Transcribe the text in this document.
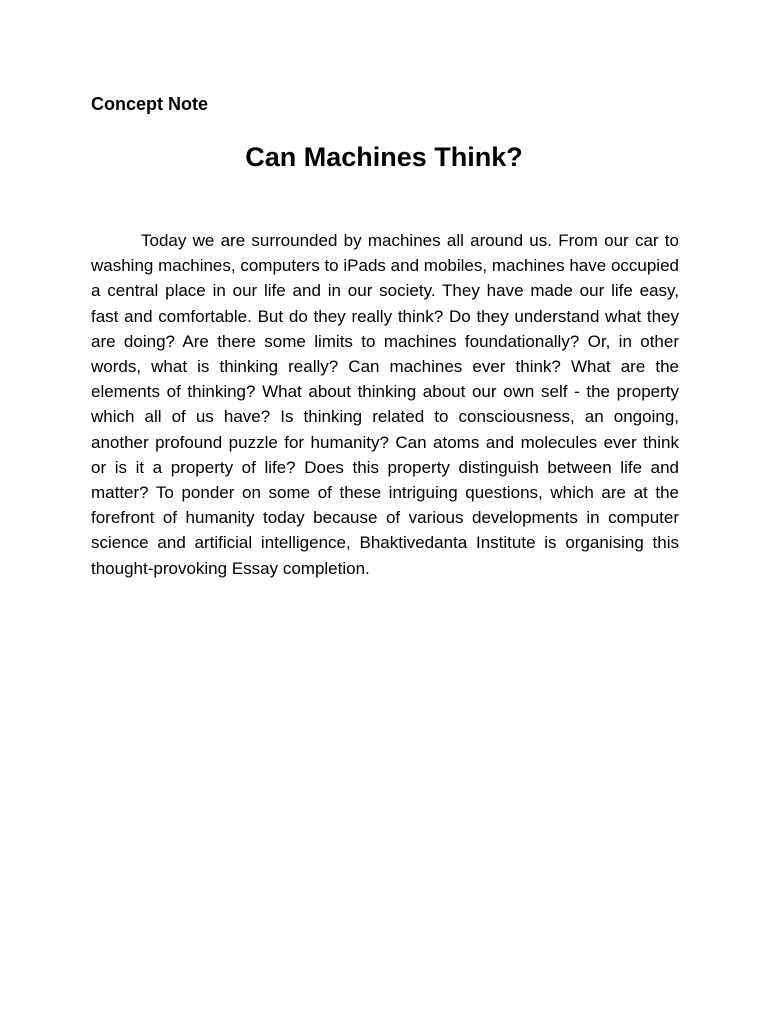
Concept Note
Can Machines Think?

Today we are surrounded by machines all around us. From our car to washing machines, computers to iPads and mobiles, machines have occupied a central place in our life and in our society. They have made our life easy, fast and comfortable. But do they really think? Do they understand what they are doing? Are there some limits to machines foundationally? Or, in other words, what is thinking really? Can machines ever think? What are the elements of thinking? What about thinking about our own self - the property which all of us have? Is thinking related to consciousness, an ongoing, another profound puzzle for humanity? Can atoms and molecules ever think or is it a property of life? Does this property distinguish between life and matter? To ponder on some of these intriguing questions, which are at the forefront of humanity today because of various developments in computer science and artificial intelligence, Bhaktivedanta Institute is organising this thought-provoking Essay completion.
